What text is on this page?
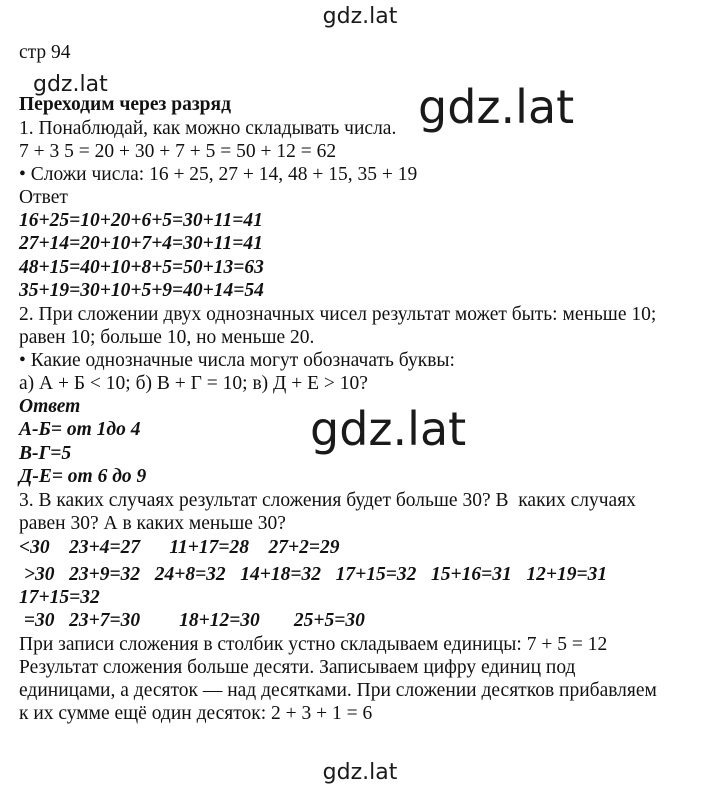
gdz.lat
gdz.lat	gdz.lat
gdz.lat
стр 94
Переходим через разряд
1. Понаблюдай, как можно складывать числа.
7 + 3 5 = 20 + 30 + 7 + 5 = 50 + 12 = 62
• Сложи числа: 16 + 25, 27 + 14, 48 + 15, 35 + 19
Ответ
16+25=10+20+6+5=30+11=41
27+14=20+10+7+4=30+11=41
48+15=40+10+8+5=50+13=63
35+19=30+10+5+9=40+14=54
2. При сложении двух однозначных чисел результат может быть: меньше 10;
равен 10; больше 10, но меньше 20.
• Какие однозначные числа могут обозначать буквы:
а) А + Б < 10; б) В + Г = 10; в) Д + Е > 10?
Ответ
А-Б= от 1до 4
В-Г=5
Д-Е= от 6 до 9
3. В каких случаях результат сложения будет больше 30? В  каких случаях
равен 30? А в каких меньше 30?
<30    23+4=27      11+17=28    27+2=29
>30   23+9=32   24+8=32   14+18=32   17+15=32   15+16=31   12+19=31
17+15=32
=30   23+7=30        18+12=30       25+5=30
При записи сложения в столбик устно складываем единицы: 7 + 5 = 12
Результат сложения больше десяти. Записываем цифру единиц под
единицами, а десяток — над десятками. При сложении десятков прибавляем
к их сумме ещё один десяток: 2 + 3 + 1 = 6
gdz.lat
